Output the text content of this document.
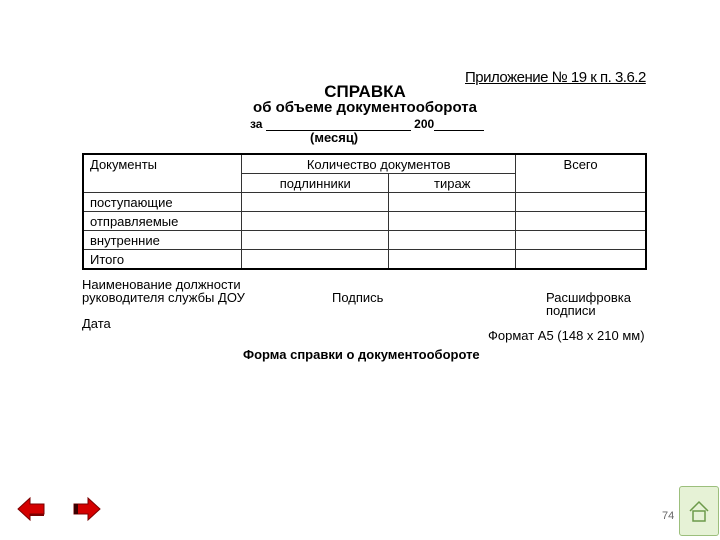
Приложение № 19 к п. 3.6.2
СПРАВКА
об объеме документооборота
за	200
(месяц)
Документы	Количество документов		Всего
	подлинники	тираж	
поступающие			
отправляемые			
внутренние			
Итого			
Наименование должности
руководителя службы ДОУ	Подпись	Расшифровка
подписи
Дата
Формат А5 (148 х 210 мм)
Форма справки о документообороте
74
